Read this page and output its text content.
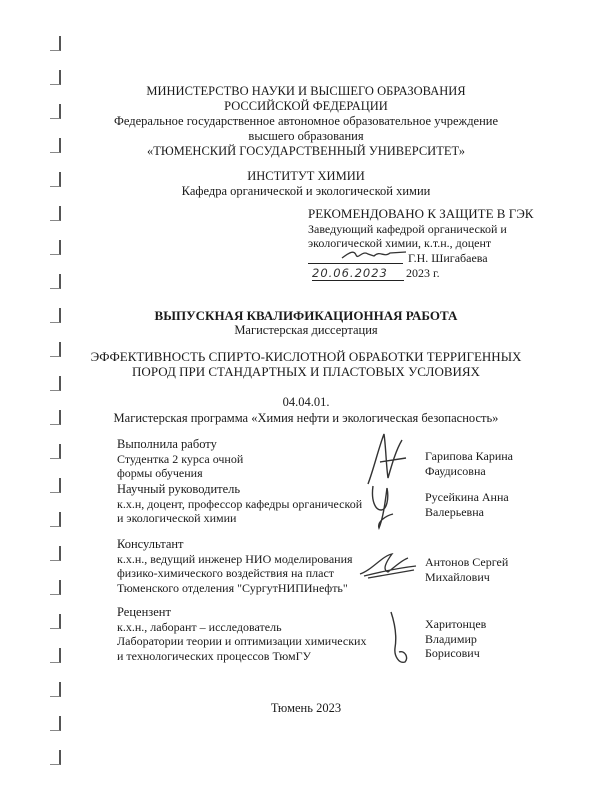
МИНИСТЕРСТВО НАУКИ И ВЫСШЕГО ОБРАЗОВАНИЯ
РОССИЙСКОЙ ФЕДЕРАЦИИ
Федеральное государственное автономное образовательное учреждение
высшего образования
«ТЮМЕНСКИЙ ГОСУДАРСТВЕННЫЙ УНИВЕРСИТЕТ»
ИНСТИТУТ ХИМИИ
Кафедра органической и экологической химии
РЕКОМЕНДОВАНО К ЗАЩИТЕ В ГЭК
Заведующий кафедрой органической и
экологической химии, к.т.н., доцент
Г.Н. Шигабаева
20.06.2023	2023 г.
ВЫПУСКНАЯ КВАЛИФИКАЦИОННАЯ РАБОТА
Магистерская диссертация
ЭФФЕКТИВНОСТЬ СПИРТО-КИСЛОТНОЙ ОБРАБОТКИ ТЕРРИГЕННЫХ
ПОРОД ПРИ СТАНДАРТНЫХ И ПЛАСТОВЫХ УСЛОВИЯХ
04.04.01.
Магистерская программа «Химия нефти и экологическая безопасность»
Выполнила работу
Студентка 2 курса очной
формы обучения
Гарипова Карина
Фаудисовна
Научный руководитель
к.х.н, доцент, профессор кафедры органической
и экологической химии
Русейкина Анна
Валерьевна
Консультант
к.х.н., ведущий инженер НИО моделирования
физико-химического воздействия на пласт
Тюменского отделения "СургутНИПИнефть"
Антонов Сергей
Михайлович
Рецензент
к.х.н., лаборант – исследователь
Лаборатории теории и оптимизации химических
и технологических процессов ТюмГУ
Харитонцев
Владимир
Борисович
Тюмень 2023
